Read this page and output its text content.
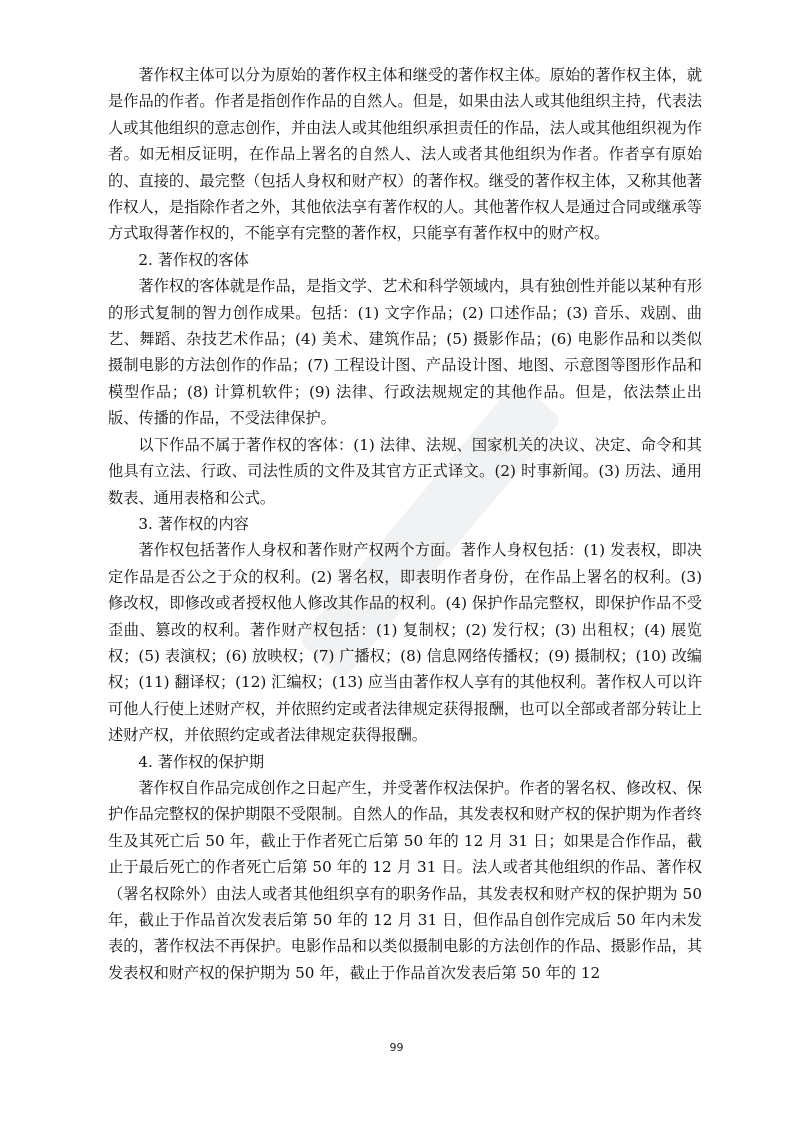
著作权主体可以分为原始的著作权主体和继受的著作权主体。原始的著作权主体，就是作品的作者。作者是指创作作品的自然人。但是，如果由法人或其他组织主持，代表法人或其他组织的意志创作，并由法人或其他组织承担责任的作品，法人或其他组织视为作者。如无相反证明，在作品上署名的自然人、法人或者其他组织为作者。作者享有原始的、直接的、最完整（包括人身权和财产权）的著作权。继受的著作权主体，又称其他著作权人，是指除作者之外，其他依法享有著作权的人。其他著作权人是通过合同或继承等方式取得著作权的，不能享有完整的著作权，只能享有著作权中的财产权。

2. 著作权的客体

著作权的客体就是作品，是指文学、艺术和科学领域内，具有独创性并能以某种有形的形式复制的智力创作成果。包括：(1) 文字作品；(2) 口述作品；(3) 音乐、戏剧、曲艺、舞蹈、杂技艺术作品；(4) 美术、建筑作品；(5) 摄影作品；(6) 电影作品和以类似摄制电影的方法创作的作品；(7) 工程设计图、产品设计图、地图、示意图等图形作品和模型作品；(8) 计算机软件；(9) 法律、行政法规规定的其他作品。但是，依法禁止出版、传播的作品，不受法律保护。

以下作品不属于著作权的客体：(1) 法律、法规、国家机关的决议、决定、命令和其他具有立法、行政、司法性质的文件及其官方正式译文。(2) 时事新闻。(3) 历法、通用数表、通用表格和公式。

3. 著作权的内容

著作权包括著作人身权和著作财产权两个方面。著作人身权包括：(1) 发表权，即决定作品是否公之于众的权利。(2) 署名权，即表明作者身份，在作品上署名的权利。(3) 修改权，即修改或者授权他人修改其作品的权利。(4) 保护作品完整权，即保护作品不受歪曲、篡改的权利。著作财产权包括：(1) 复制权；(2) 发行权；(3) 出租权；(4) 展览权；(5) 表演权；(6) 放映权；(7) 广播权；(8) 信息网络传播权；(9) 摄制权；(10) 改编权；(11) 翻译权；(12) 汇编权；(13) 应当由著作权人享有的其他权利。著作权人可以许可他人行使上述财产权，并依照约定或者法律规定获得报酬，也可以全部或者部分转让上述财产权，并依照约定或者法律规定获得报酬。

4. 著作权的保护期

著作权自作品完成创作之日起产生，并受著作权法保护。作者的署名权、修改权、保护作品完整权的保护期限不受限制。自然人的作品，其发表权和财产权的保护期为作者终生及其死亡后 50 年，截止于作者死亡后第 50 年的 12 月 31 日；如果是合作作品，截止于最后死亡的作者死亡后第 50 年的 12 月 31 日。法人或者其他组织的作品、著作权（署名权除外）由法人或者其他组织享有的职务作品，其发表权和财产权的保护期为 50 年，截止于作品首次发表后第 50 年的 12 月 31 日，但作品自创作完成后 50 年内未发表的，著作权法不再保护。电影作品和以类似摄制电影的方法创作的作品、摄影作品，其发表权和财产权的保护期为 50 年，截止于作品首次发表后第 50 年的 12

99
